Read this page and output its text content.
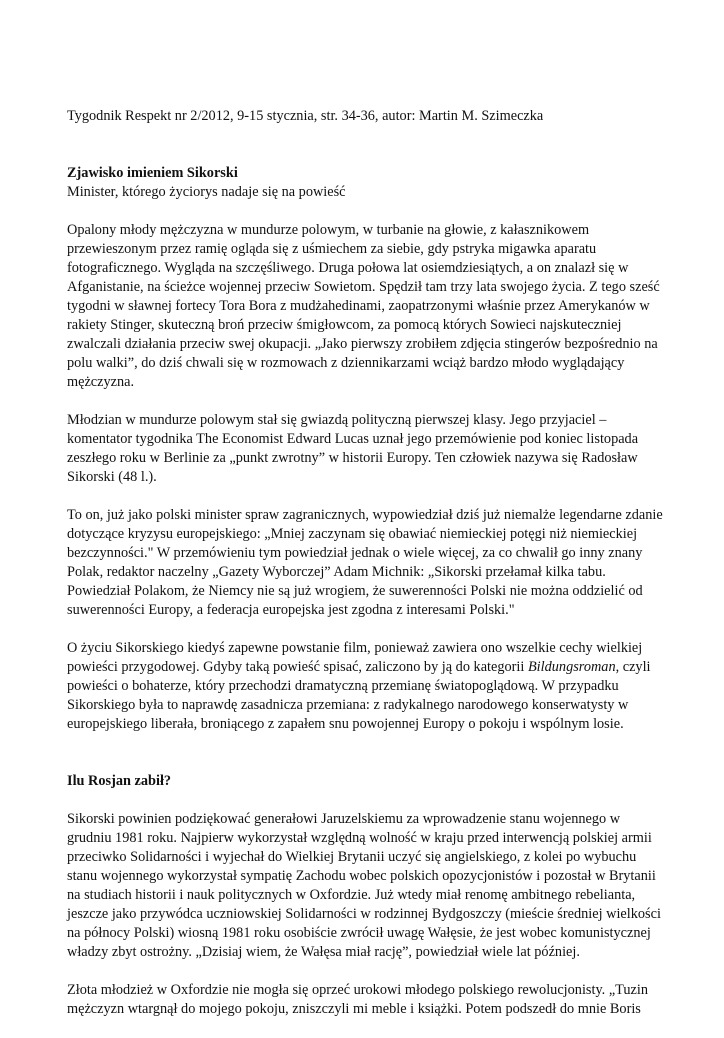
Tygodnik Respekt nr 2/2012, 9-15 stycznia, str. 34-36, autor: Martin M. Szimeczka
Zjawisko imieniem Sikorski
Minister, którego życiorys nadaje się na powieść

Opalony młody mężczyzna w mundurze polowym, w turbanie na głowie, z kałasznikowem przewieszonym przez ramię ogląda się z uśmiechem za siebie, gdy pstryka migawka aparatu fotograficznego. Wygląda na szczęśliwego. Druga połowa lat osiemdziesiątych, a on znalazł się w Afganistanie, na ścieżce wojennej przeciw Sowietom. Spędził tam trzy lata swojego życia. Z tego sześć tygodni w sławnej fortecy Tora Bora z mudżahedinami, zaopatrzonymi właśnie przez Amerykanów w rakiety Stinger, skuteczną broń przeciw śmigłowcom, za pomocą których Sowieci najskuteczniej zwalczali działania przeciw swej okupacji. „Jako pierwszy zrobiłem zdjęcia stingerów bezpośrednio na polu walki”, do dziś chwali się w rozmowach z dziennikarzami wciąż bardzo młodo wyglądający mężczyzna.

Młodzian w mundurze polowym stał się gwiazdą polityczną pierwszej klasy. Jego przyjaciel – komentator tygodnika The Economist Edward Lucas uznał jego przemówienie pod koniec listopada zeszłego roku w Berlinie za „punkt zwrotny” w historii Europy. Ten człowiek nazywa się Radosław Sikorski (48 l.).

To on, już jako polski minister spraw zagranicznych, wypowiedział dziś już niemalże legendarne zdanie dotyczące kryzysu europejskiego: „Mniej zaczynam się obawiać niemieckiej potęgi niż niemieckiej bezczynności." W przemówieniu tym powiedział jednak o wiele więcej, za co chwalił go inny znany Polak, redaktor naczelny „Gazety Wyborczej” Adam Michnik: „Sikorski przełamał kilka tabu. Powiedział Polakom, że Niemcy nie są już wrogiem, że suwerenności Polski nie można oddzielić od suwerenności Europy, a federacja europejska jest zgodna z interesami Polski."

O życiu Sikorskiego kiedyś zapewne powstanie film, ponieważ zawiera ono wszelkie cechy wielkiej powieści przygodowej. Gdyby taką powieść spisać, zaliczono by ją do kategorii Bildungsroman, czyli powieści o bohaterze, który przechodzi dramatyczną przemianę światopoglądową. W przypadku Sikorskiego była to naprawdę zasadnicza przemiana: z radykalnego narodowego konserwatysty w europejskiego liberała, broniącego z zapałem snu powojennej Europy o pokoju i wspólnym losie.

Ilu Rosjan zabił?

Sikorski powinien podziękować generałowi Jaruzelskiemu za wprowadzenie stanu wojennego w grudniu 1981 roku. Najpierw wykorzystał względną wolność w kraju przed interwencją polskiej armii przeciwko Solidarności i wyjechał do Wielkiej Brytanii uczyć się angielskiego, z kolei po wybuchu stanu wojennego wykorzystał sympatię Zachodu wobec polskich opozycjonistów i pozostał w Brytanii na studiach historii i nauk politycznych w Oxfordzie. Już wtedy miał renomę ambitnego rebelianta, jeszcze jako przywódca uczniowskiej Solidarności w rodzinnej Bydgoszczy (mieście średniej wielkości na północy Polski) wiosną 1981 roku osobiście zwrócił uwagę Wałęsie, że jest wobec komunistycznej władzy zbyt ostrożny. „Dzisiaj wiem, że Wałęsa miał rację”, powiedział wiele lat później.

Złota młodzież w Oxfordzie nie mogła się oprzeć urokowi młodego polskiego rewolucjonisty. „Tuzin mężczyzn wtargnął do mojego pokoju, zniszczyli mi meble i książki. Potem podszedł do mnie Boris
